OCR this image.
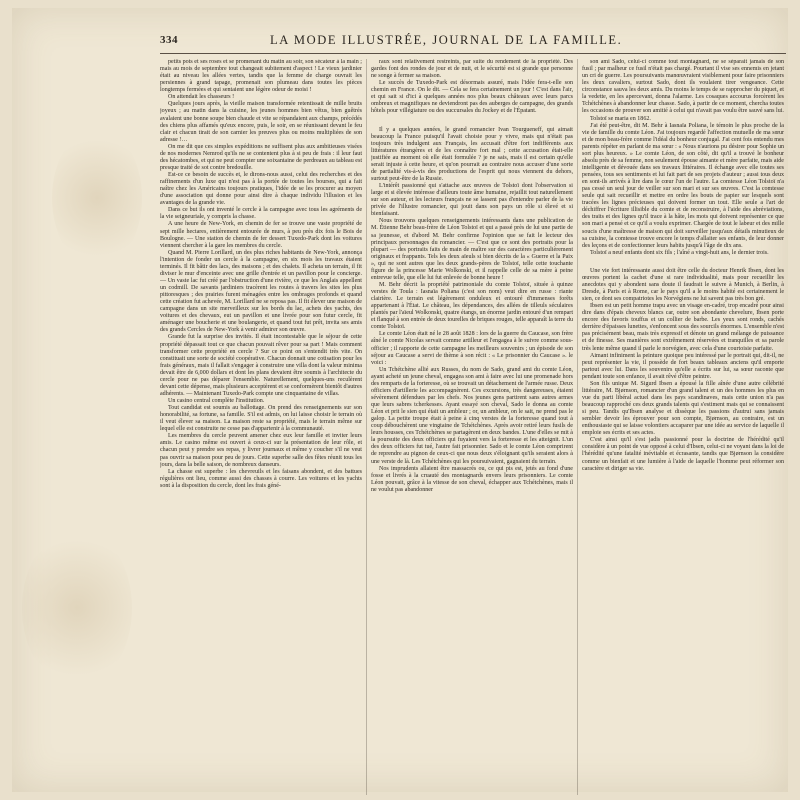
334	LA MODE ILLUSTRÉE, JOURNAL DE LA FAMILLE.

petits pots et ses roses et se promenant du matin au soir, son sécateur à la main ; mais au mois de septembre tout changeait subitement d'aspect ! Le vieux jardinier était au niveau les allées vertes, tandis que la femme de charge ouvrait les persiennes à grand tapage, promenait son plumeau dans toutes les pièces longtemps fermées et qui sentaient une légère odeur de moisi !

On attendait les chasseurs !

Quelques jours après, la vieille maison transformée retentissait de mille bruits joyeux ; au matin dans la cuisine, les jeunes hommes bien vêtus, bien guêtrés avalaient une bonne soupe bien chaude et vite se répandaient aux champs, précédés des chiens plus affamés qu'eux encore, puis, le soir, en se réunissant devant le feu clair et chacun tirait de son carnier les preuves plus ou moins multipliées de son adresse !…

On me dit que ces simples expéditions ne suffisent plus aux ambitieuses visées de nos modernes Nemrod qu'ils ne se contentent plus à si peu de frais : il leur faut des hécatombes, et qui ne peut compter une soixantaine de perdreaux au tableau est presque traité de sot contre bredouille.

Est-ce ce besoin de succès et, le dirons-nous aussi, celui des recherches et des raffinements d'un luxe qui n'est pas à la portée de toutes les bourses, qui a fait naître chez les Américains toujours pratiques, l'idée de se les procurer au moyen d'une association qui donne pour ainsi dire à chaque individu l'illusion et les avantages de la grande vie.

Dans ce but ils ont inventé le cercle à la campagne avec tous les agréments de la vie seigneuriale, y compris la chasse.

A une heure de New-York, en chemin de fer se trouve une vaste propriété de sept mille hectares, entièrement entourée de murs, à peu près dix fois le Bois de Boulogne. — Une station de chemin de fer dessert Tuxedo-Park dont les voitures viennent chercher à la gare les membres du cercle.

Quand M. Pierre Lorillard, un des plus riches habitants de New-York, annonça l'intention de fonder un cercle à la campagne, en six mois les travaux étaient terminés. Il fit bâtir des lacs, des maisons ; et des chalets. Il acheta un terrain, il fit diviser le mur d'enceinte avec une grille d'entrée et un pavillon pour le concierge. — Un vaste lac fut créé par l'obstruction d'une rivière, ce que les Anglais appellent un codmill. De savants jardiniers tracèrent les routes à travers les sites les plus pittoresques ; des prairies furent ménagées entre les ombrages profonds et quand cette création fut achevée, M. Lorillard ne se reposa pas. Il fit élever une maison de campagne dans un site merveilleux sur les bords du lac, achets des yachts, des voitures et des chevaux, eut un pavillon et une livrée pour son futur cercle, fit aménager une boucherie et une boulangerie, et quand tout fut prêt, invita ses amis des grands Cercles de New-York à venir admirer son œuvre.

Grande fut la surprise des invités. Il était incontestable que le séjour de cette propriété dépassait tout ce que chacun pouvait rêver pour sa part ! Mais comment transformer cette propriété en cercle ? Sur ce point on s'entendit très vite. On constituait une sorte de société coopérative. Chacun donnait une cotisation pour les frais généraux, mais il fallait s'engager à construire une villa dont la valeur minima devait être de 6,000 dollars et dont les plans devaient être soumis à l'architecte du cercle pour ne pas déparer l'ensemble. Naturellement, quelques-uns reculèrent devant cette dépense, mais plusieurs acceptèrent et se conformèrent bientôt d'autres adhérents. — Maintenant Tuxedo-Park compte une cinquantaine de villas.

Un casino central complète l'institution.

Tout candidat est soumis au ballottage. On prend des renseignements sur son honorabilité, sa fortune, sa famille. S'il est admis, on lui laisse choisir le terrain où il veut élever sa maison. La maison reste sa propriété, mais le terrain même sur lequel elle est construite ne cesse pas d'appartenir à la communauté.

Les membres du cercle peuvent amener chez eux leur famille et inviter leurs amis. Le casino même est ouvert à ceux-ci sur la présentation de leur rôle, et chacun peut y prendre ses repas, y livrer journaux et même y coucher s'il ne veut pas ouvrir sa maison pour peu de jours. Cette superbe salle des fêtes réunit tous les jours, dans la belle saison, de nombreux danseurs.

La chasse est superbe : les chevreuils et les faisans abondent, et des battues régulières ont lieu, comme aussi des chasses à courre. Les voitures et les yachts sont à la disposition du cercle, dont les frais géné-

raux sont relativement restreints, par suite du rendement de la propriété. Des gardes font des rondes de jour et de nuit, et le sécurité est si grande que personne ne songe à fermer sa maison.

Le succès de Tuxedo-Park est désormais assuré, mais l'idée fera-t-elle son chemin en France. On le dit. — Cela se fera certainement un jour ! C'est dans l'air, et qui sait si d'ici à quelques années nos plus beaux châteaux avec leurs parcs ombreux et magnifiques ne deviendront pas des auberges de campagne, des grands hôtels pour villégiature ou des succursales du Jockey et de l'Épatant.

Il y a quelques années, le grand romancier Ivan Tourgueneff, qui aimait beaucoup la France puisqu'il l'avait choisie pour y vivre, mais qui n'était pas toujours très indulgent aux Français, les accusait d'être fort indifférents aux littératures étrangères et de les connaître fort mal ; cette accusation était-elle justifiée au moment où elle était formulée ? je ne sais, mais il est certain qu'elle serait injuste à cette heure, et qu'on pourrait au contraire nous accuser d'une sorte de partialité vis-à-vis des productions de l'esprit qui nous viennent du dehors, surtout peut-être de la Russie.

L'intérêt passionné qui s'attache aux œuvres de Tolstoï dont l'observation si large et si élevée intéresse d'ailleurs toute âme humaine, rejaillit tout naturellement sur son auteur, et les lecteurs français ne se lassent pas d'entendre parler de la vie privée de l'illustre romancier, qui jouit dans son pays un rôle si élevé et si bienfaisant.

Nous trouvons quelques renseignements intéressants dans une publication de M. Étienne Behr beau-frère de Léon Tolstoï et qui a passé près de lui une partie de sa jeunesse, et d'abord M. Behr confirme l'opinion que se fait le lecteur des principaux personnages du romancier. — C'est que ce sont des portraits pour la plupart — des portraits faits de main de maître sur des caractères particulièrement originaux et frappants. Tels les deux aïeuls si bien décrits de la « Guerre et la Paix », qui ne sont autres que les deux grands-pères de Tolstoï, telle cette touchante figure de la princesse Marie Wolkonski, et il rappelle celle de sa mère à peine entrevue telle, que elle lui fut enlevée de bonne heure !

M. Behr décrit la propriété patrimoniale du comte Tolstoï, située à quinze verstes de Toula : Iasnaïa Poliana (c'est son nom) veut dire en russe : riante clairière. Le terrain est légèrement onduleux et entouré d'immenses forêts appartenant à l'État. Le château, les dépendances, des allées de tilleuls séculaires plantés par l'aïeul Wolkonski, quatre étangs, un énorme jardin entouré d'un rempart et flanqué à son entrée de deux tourelles de briques rouges, telle apparaît la terre du comte Tolstoï.

Le comte Léon était né le 28 août 1828 : lors de la guerre du Caucase, son frère aîné le comte Nicolas servait comme artilleur et l'engagea à le suivre comme sous-officier ; il rapporte de cette campagne les meilleurs souvenirs ; un épisode de son séjour au Caucase a servi de thème à son récit : « Le prisonnier du Caucase ». le voici :

Un Tchétchène allié aux Russes, du nom de Sado, grand ami du comte Léon, ayant acheté un jeune cheval, engagea son ami à faire avec lui une promenade hors des remparts de la forteresse, où se trouvait un détachement de l'armée russe. Deux officiers d'artillerie les accompagnèrent. Ces excursions, très dangereuses, étaient sévèrement défendues par les chefs. Nos jeunes gens partirent sans autres armes que leurs sabres tcherkesses. Ayant essayé son cheval, Sado le donna au comte Léon et prit le sien qui était un ambleur ; or, un ambleur, on le sait, ne prend pas le galop. La petite troupe était à peine à cinq verstes de la forteresse quand tout à coup débouchèrent une vingtaine de Tchétchènes. Après avoir retiré leurs fusils de leurs housses, ces Tchétchènes se partagèrent en deux bandes. L'une d'elles se mit à la poursuite des deux officiers qui fuyaient vers la forteresse et les atteignit. L'un des deux officiers fut tué, l'autre fait prisonnier. Sado et le comte Léon comprirent de reprendre au pignon de ceux-ci que nous deux s'éloignant qu'ils seraient alors à une verste de là. Les Tchétchènes qui les poursuivaient, gagnaient du terrain.

Nos imprudents allaient être massacrés ou, ce qui pis est, jetés au fond d'une fosse et livrés à la cruauté des montagnards envers leurs prisonniers. Le comte Léon pouvait, grâce à la vitesse de son cheval, échapper aux Tchétchènes, mais il ne voulut pas abandonner

son ami Sado, celui-ci comme tout montagnard, ne se séparait jamais de son fusil ; par malheur ce fusil n'était pas chargé. Pourtant il vise ses ennemis en jetant un cri de guerre. Les poursuivants manœuvraient visiblement pour faire prisonniers les deux cavaliers, surtout Sado, dont ils voulaient tirer vengeance. Cette circonstance sauva les deux amis. Du moins le temps de se rapprocher du piquet, et la vedette, en les apercevant, donna l'alarme. Les cosaques accourus forcèrent les Tchétchènes à abandonner leur chasse. Sado, à partir de ce moment, chercha toutes les occasions de prouver son amitié à celui qui n'avait pas voulu être sauvé sans lui.

Tolstoï se maria en 1862.

J'ai été peut-être, dit M. Behr à Iasnaïa Poliana, le témoin le plus proche de la vie de famille du comte Léon. J'ai toujours regardé l'affection mutuelle de ma sœur et de mon beau-frère comme l'idéal du bonheur conjugal. J'ai cent fois entendu mes parents répéter en parlant de ma sœur : « Nous n'aurions pu désirer pour Sophie un sort plus heureux. » Le comte Léon, de son côté, dit qu'il a trouvé le bonheur absolu près de sa femme, non seulement épouse aimante et mère parfaite, mais aide intelligente et dévouée dans ses travaux littéraires. Il échange avec elle toutes ses pensées, tous ses sentiments et lui fait part de ses projets d'auteur ; aussi tous deux en sont-ils arrivés à lire dans le cœur l'un de l'autre. La comtesse Léon Tolstoï n'a pas cessé un seul jour de veiller sur son mari et sur ses œuvres. C'est la comtesse seule qui sait recueillir et mettre en ordre les bouts de papier sur lesquels sont tracées les lignes précieuses qui doivent former un tout. Elle seule a l'art de déchiffrer l'écriture illisible du comte et de reconstruire, à l'aide des abréviations, des traits et des lignes qu'il trace à la hâte, les mots qui doivent représenter ce que son mari a pensé et ce qu'il a voulu exprimer. Chargée de tout le labeur et des mille soucis d'une maîtresse de maison qui doit surveiller jusqu'aux détails minutieux de sa cuisine, la comtesse trouve encore le temps d'allaiter ses enfants, de leur donner des leçons et de confectionner leurs habits jusqu'à l'âge de dix ans.

Tolstoï a neuf enfants dont six fils ; l'aîné a vingt-huit ans, le dernier trois.

Une vie fort intéressante aussi doit être celle du docteur Henrik Ibsen, dont les œuvres portent la cachet d'une si rare individualité, mais pour recueillir les anecdotes qui y abondent sans doute il faudrait le suivre à Munich, à Berlin, à Dresde, à Paris et à Rome, car le pays qu'il a le moins habité est certainement le sien, ce dont ses compatriotes les Norvégiens ne lui savent pas très bon gré.

Ibsen est un petit homme trapu avec un visage en-cadré, trop encadré pour ainsi dire dans d'épais cheveux blancs car, outre son abondante chevelure, Ibsen porte encore des favoris touffus et un collier de barbe. Les yeux sont ronds, cachés derrière d'épaisses lunettes, s'enfoncent sous des sourcils énormes. L'ensemble n'est pas précisément beau, mais très expressif et dénote un grand mélange de puissance et de finesse. Ses manières sont extrêmement réservées et tranquilles et sa parole très lente même quand il parle le norvégien, avec cela d'une courtoisie parfaite.

Aimant infiniment la peinture quoique peu intéressé par le portrait qui, dit-il, ne peut représenter la vie, il possède de fort beaux tableaux anciens qu'il emporte partout avec lui. Dans les souvenirs qu'elle a écrits sur lui, sa sœur raconte que pendant toute son enfance, il avait rêvé d'être peintre.

Son fils unique M. Sigurd Ibsen a épousé la fille aînée d'une autre célébrité littéraire, M. Bjørnson, romancier d'un grand talent et un des hommes les plus en vue du parti libéral actuel dans les pays scandinaves, mais cette union n'a pas beaucoup rapproché ces deux grands talents qui s'estiment mais qui se connaissent si peu. Tandis qu'Ibsen analyse et dissèque les passions d'autrui sans jamais sembler devoir les éprouver pour son compte, Bjørnson, au contraire, est un enthousiaste qui se laisse volontiers accaparer par une idée au service de laquelle il emploie ses écrits et ses actes.

C'est ainsi qu'il s'est jadis passionné pour la doctrine de l'hérédité qu'il considère à un point de vue opposé à celui d'Ibsen, celui-ci ne voyant dans la loi de l'hérédité qu'une fatalité inévitable et écrasante, tandis que Bjørnson la considère comme un bienfait et une lumière à l'aide de laquelle l'homme peut réformer son caractère et diriger sa vie.
